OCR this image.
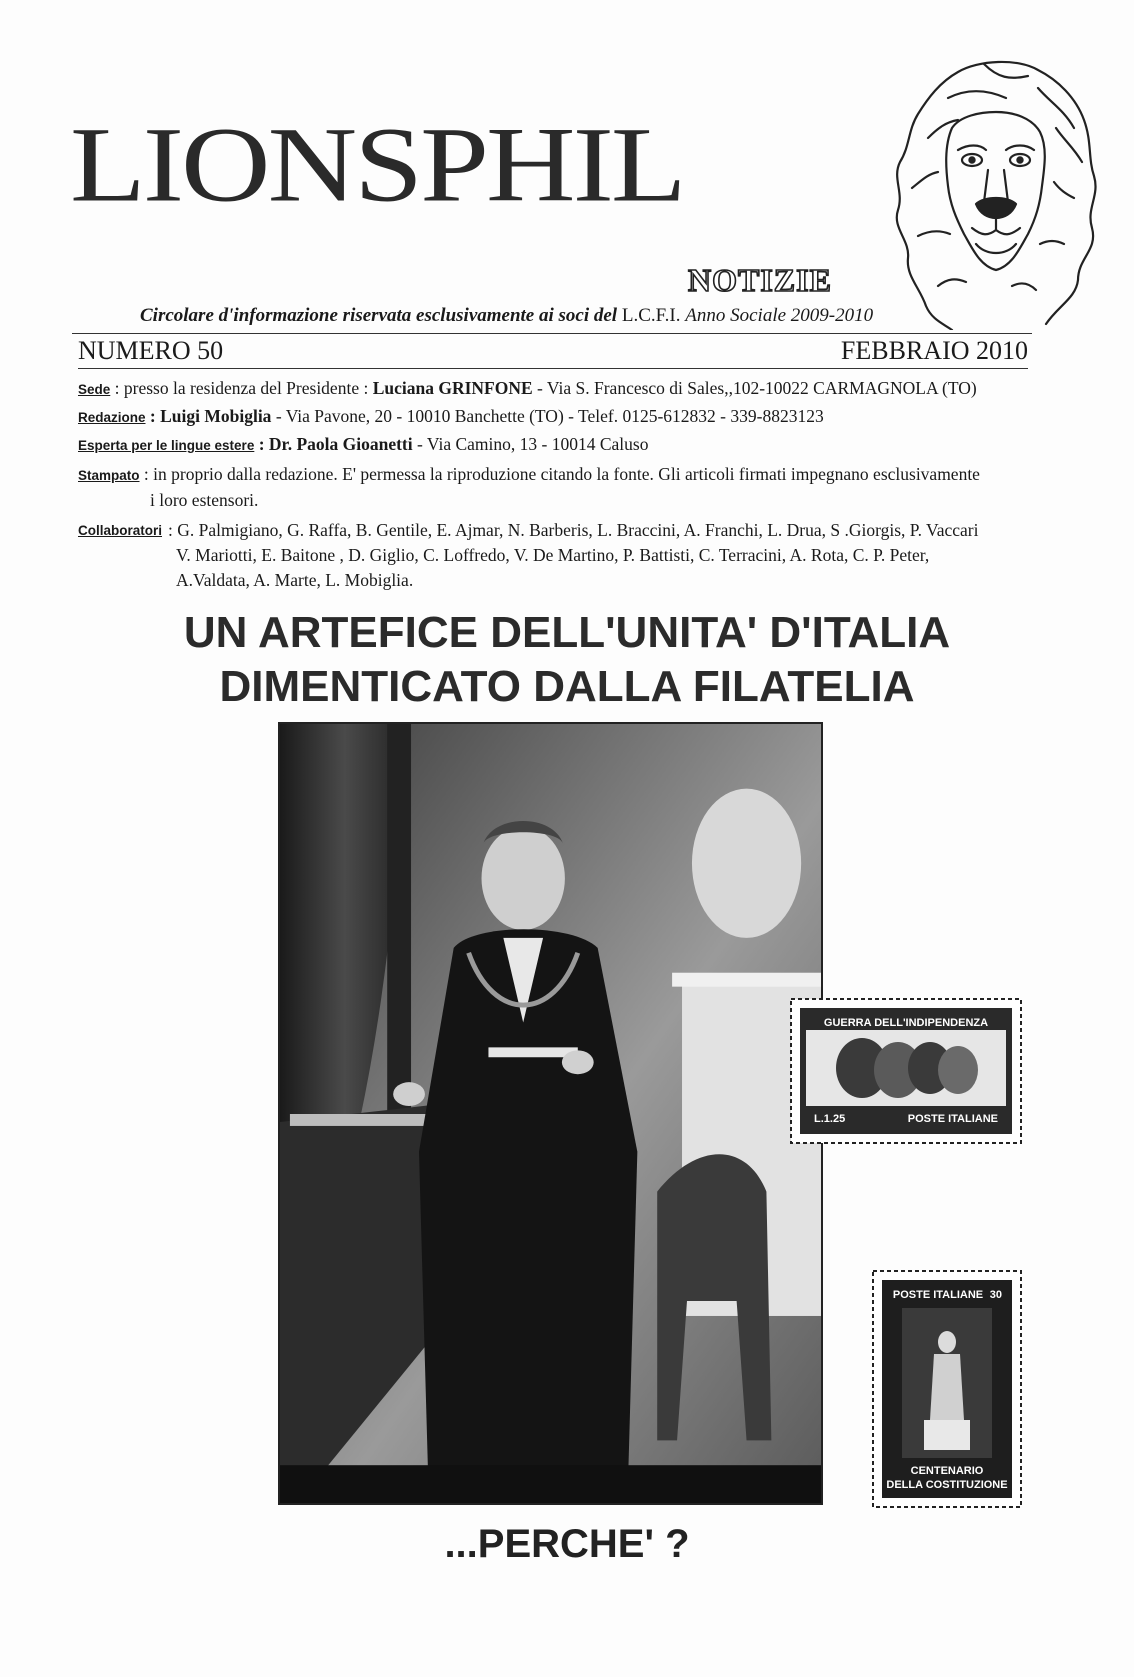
LIONSPHIL
NOTIZIE
Circolare d'informazione riservata esclusivamente ai soci del L.C.F.I. Anno Sociale 2009-2010
NUMERO 50	FEBBRAIO 2010
Sede : presso la residenza del Presidente : Luciana GRINFONE - Via S. Francesco di Sales,,102-10022 CARMAGNOLA (TO)
Redazione : Luigi Mobiglia - Via Pavone, 20 - 10010 Banchette (TO) - Telef. 0125-612832 - 339-8823123
Esperta per le lingue estere : Dr. Paola Gioanetti - Via Camino, 13 - 10014 Caluso
Stampato : in proprio dalla redazione. E' permessa la riproduzione citando la fonte. Gli articoli firmati impegnano esclusivamente
i loro estensori.
Collaboratori : G. Palmigiano, G. Raffa, B. Gentile, E. Ajmar, N. Barberis, L. Braccini, A. Franchi, L. Drua, S .Giorgis, P. Vaccari
V. Mariotti, E. Baitone , D. Giglio, C. Loffredo, V. De Martino, P. Battisti, C. Terracini, A. Rota, C. P. Peter,
A.Valdata, A. Marte, L. Mobiglia.
UN ARTEFICE DELL'UNITA' D'ITALIA
DIMENTICATO DALLA FILATELIA
GUERRA DELL'INDIPENDENZA
L.1.25	POSTE ITALIANE
POSTE ITALIANE 30
CENTENARIO
DELLA COSTITUZIONE
...PERCHE' ?
